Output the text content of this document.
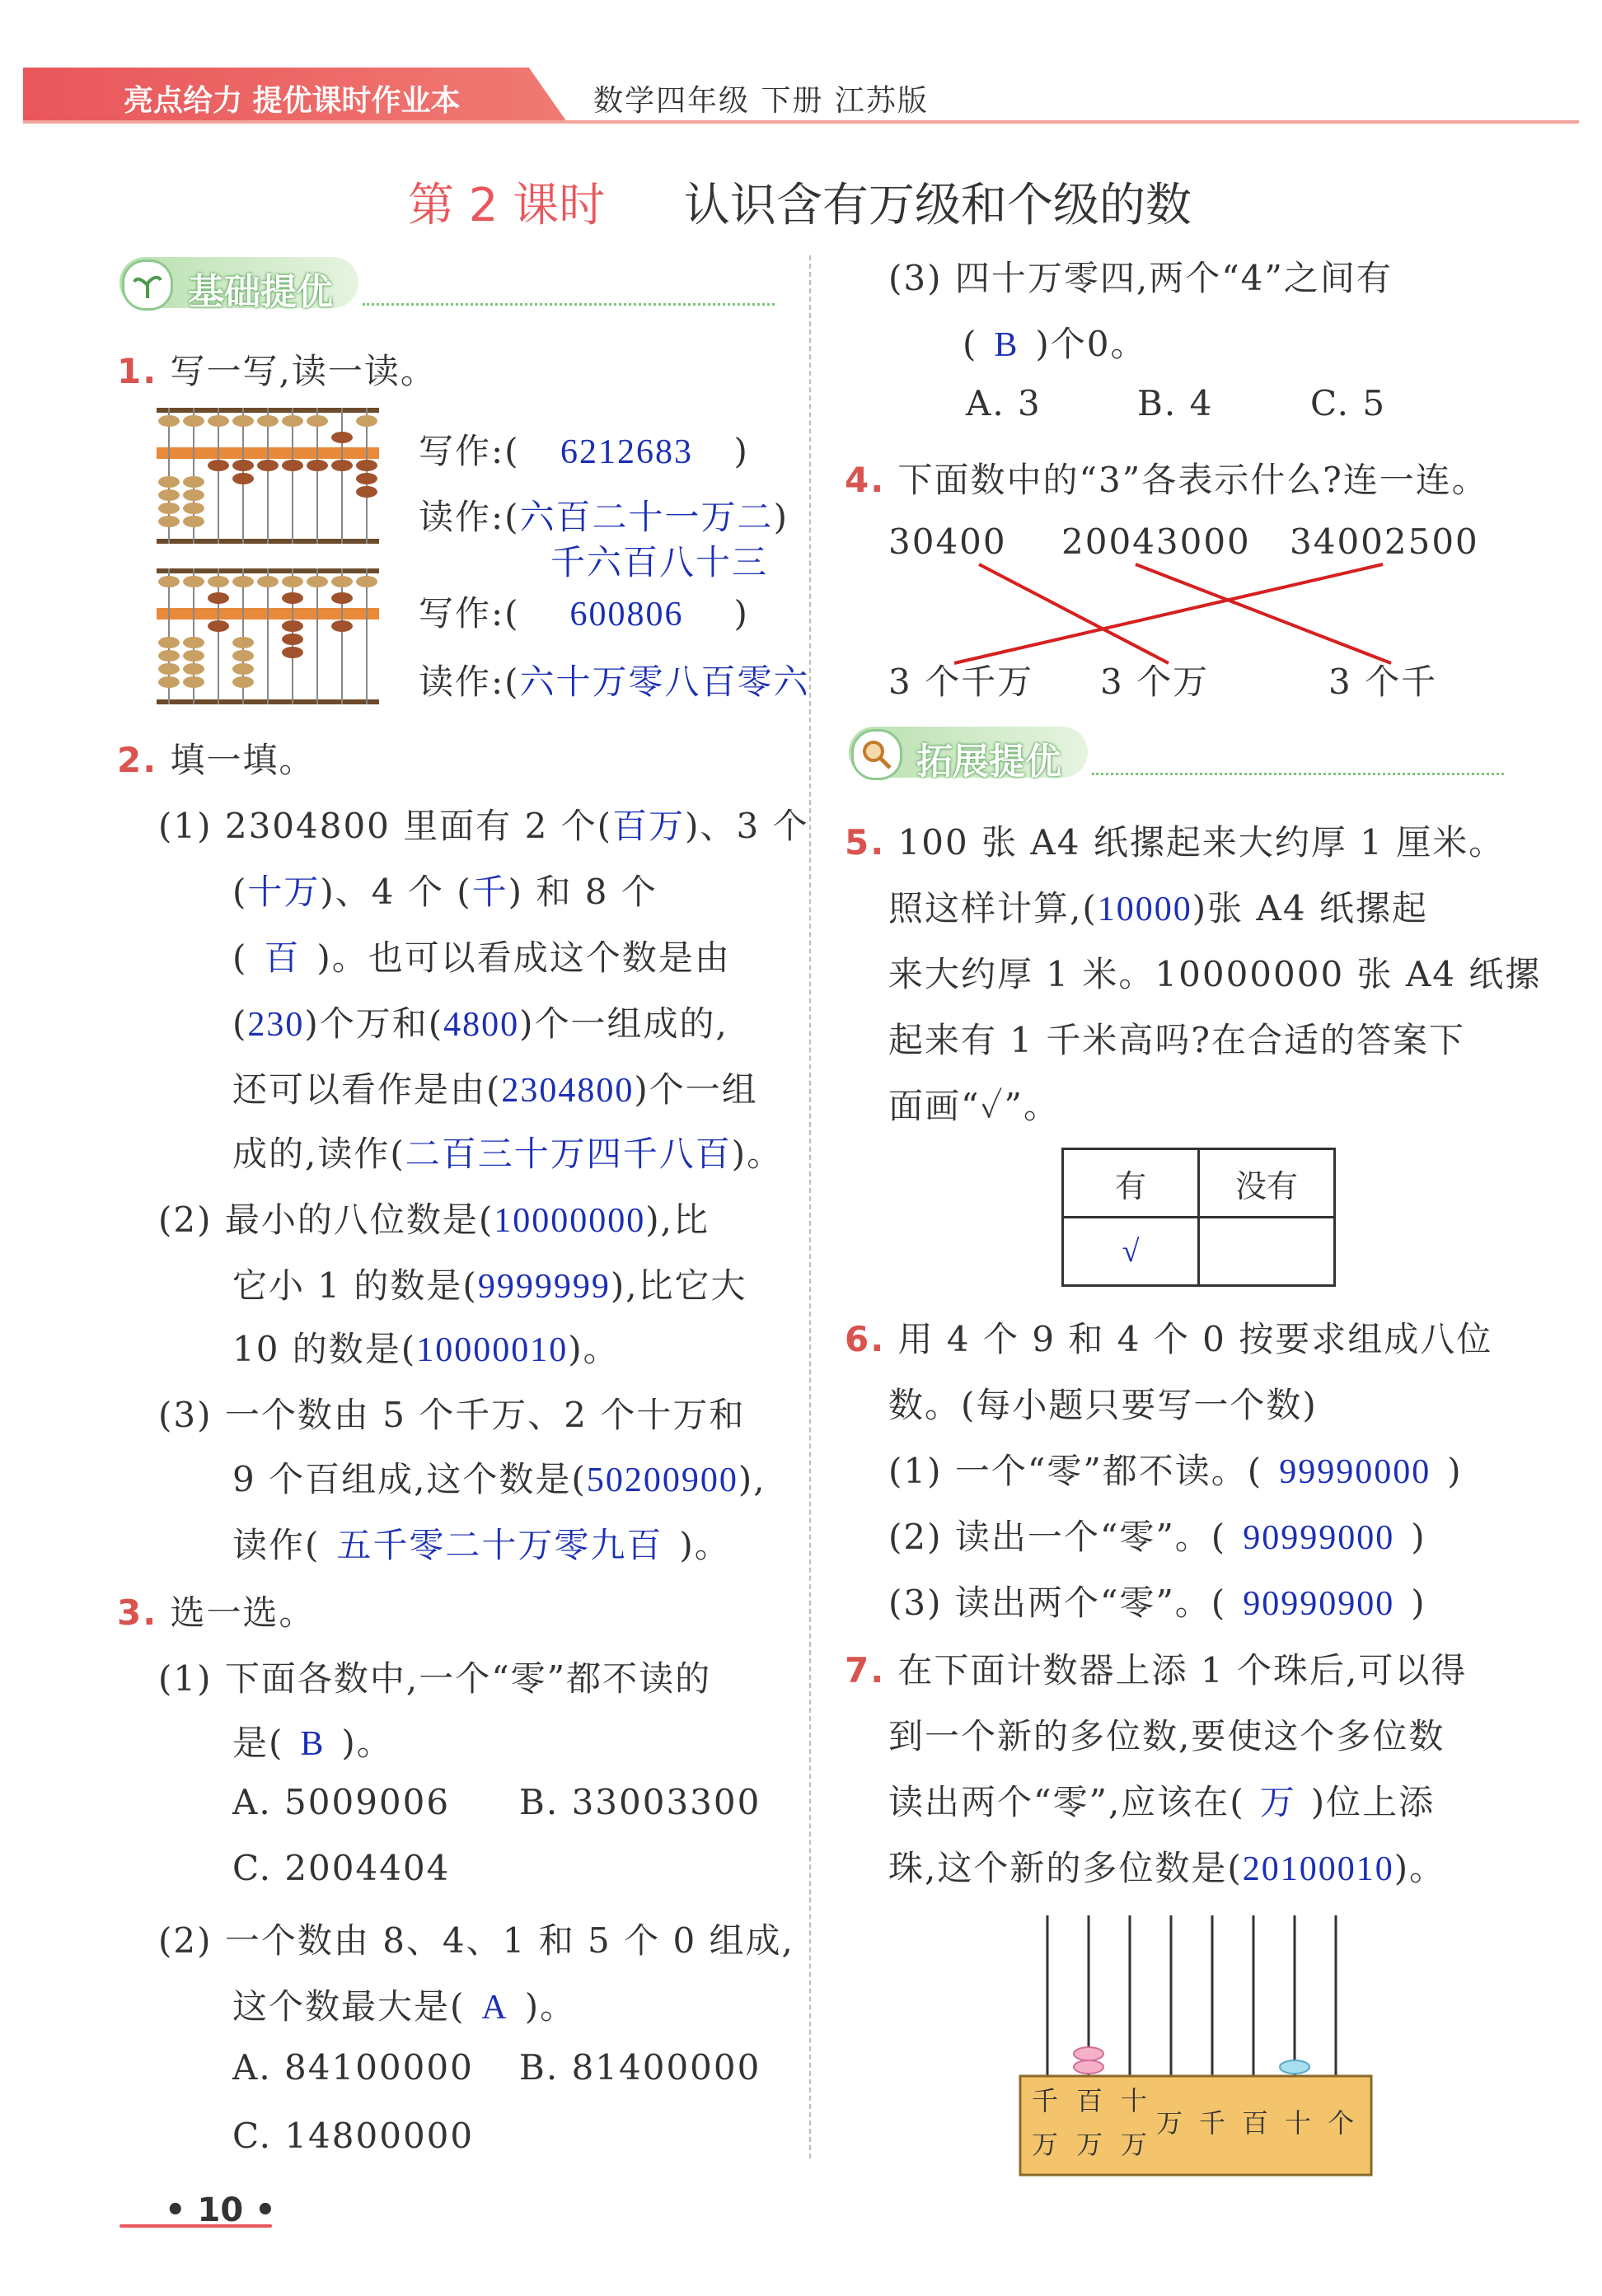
亮点给力 提优课时作业本	数学四年级 下册 江苏版
第 2 课时 认识含有万级和个级的数
基础提优
1. 写一写,读一读。
写作:( 6212683 )
读作:(六百二十一万二)
千六百八十三
写作:( 600806 )
读作:(六十万零八百零六
2. 填一填。
(1) 2304800 里面有 2 个(百万)、3 个
(十万)、4 个 (千) 和 8 个
( 百 )。也可以看成这个数是由
(230)个万和(4800)个一组成的,
还可以看作是由(2304800)个一组
成的,读作(二百三十万四千八百)。
(2) 最小的八位数是(10000000),比
它小 1 的数是(9999999),比它大
10 的数是(10000010)。
(3) 一个数由 5 个千万、2 个十万和
9 个百组成,这个数是(50200900),
读作( 五千零二十万零九百 )。
3. 选一选。
(1) 下面各数中,一个“零”都不读的
是( B )。
A. 5009006 B. 33003300
C. 2004404
(2) 一个数由 8、4、1 和 5 个 0 组成,
这个数最大是( A )。
A. 84100000 B. 81400000
C. 14800000
(3) 四十万零四,两个“4”之间有
( B )个0。
A. 3	B. 4	C. 5
4. 下面数中的“3”各表示什么?连一连。
30400 20043000 34002500
3 个千万 3 个万	3 个千
拓展提优
5. 100 张 A4 纸摞起来大约厚 1 厘米。
照这样计算,(10000)张 A4 纸摞起
来大约厚 1 米。10000000 张 A4 纸摞
起来有 1 千米高吗?在合适的答案下
面画“✓”。
有	没有
√	
6. 用 4 个 9 和 4 个 0 按要求组成八位
数。(每小题只要写一个数)
(1) 一个“零”都不读。( 99990000 )
(2) 读出一个“零”。( 90999000 )
(3) 读出两个“零”。( 90990900 )
7. 在下面计数器上添 1 个珠后,可以得
到一个新的多位数,要使这个多位数
读出两个“零”,应该在( 万 )位上添
珠,这个新的多位数是(20100010)。
千百十
万万万
万千百十个
• 10 •
